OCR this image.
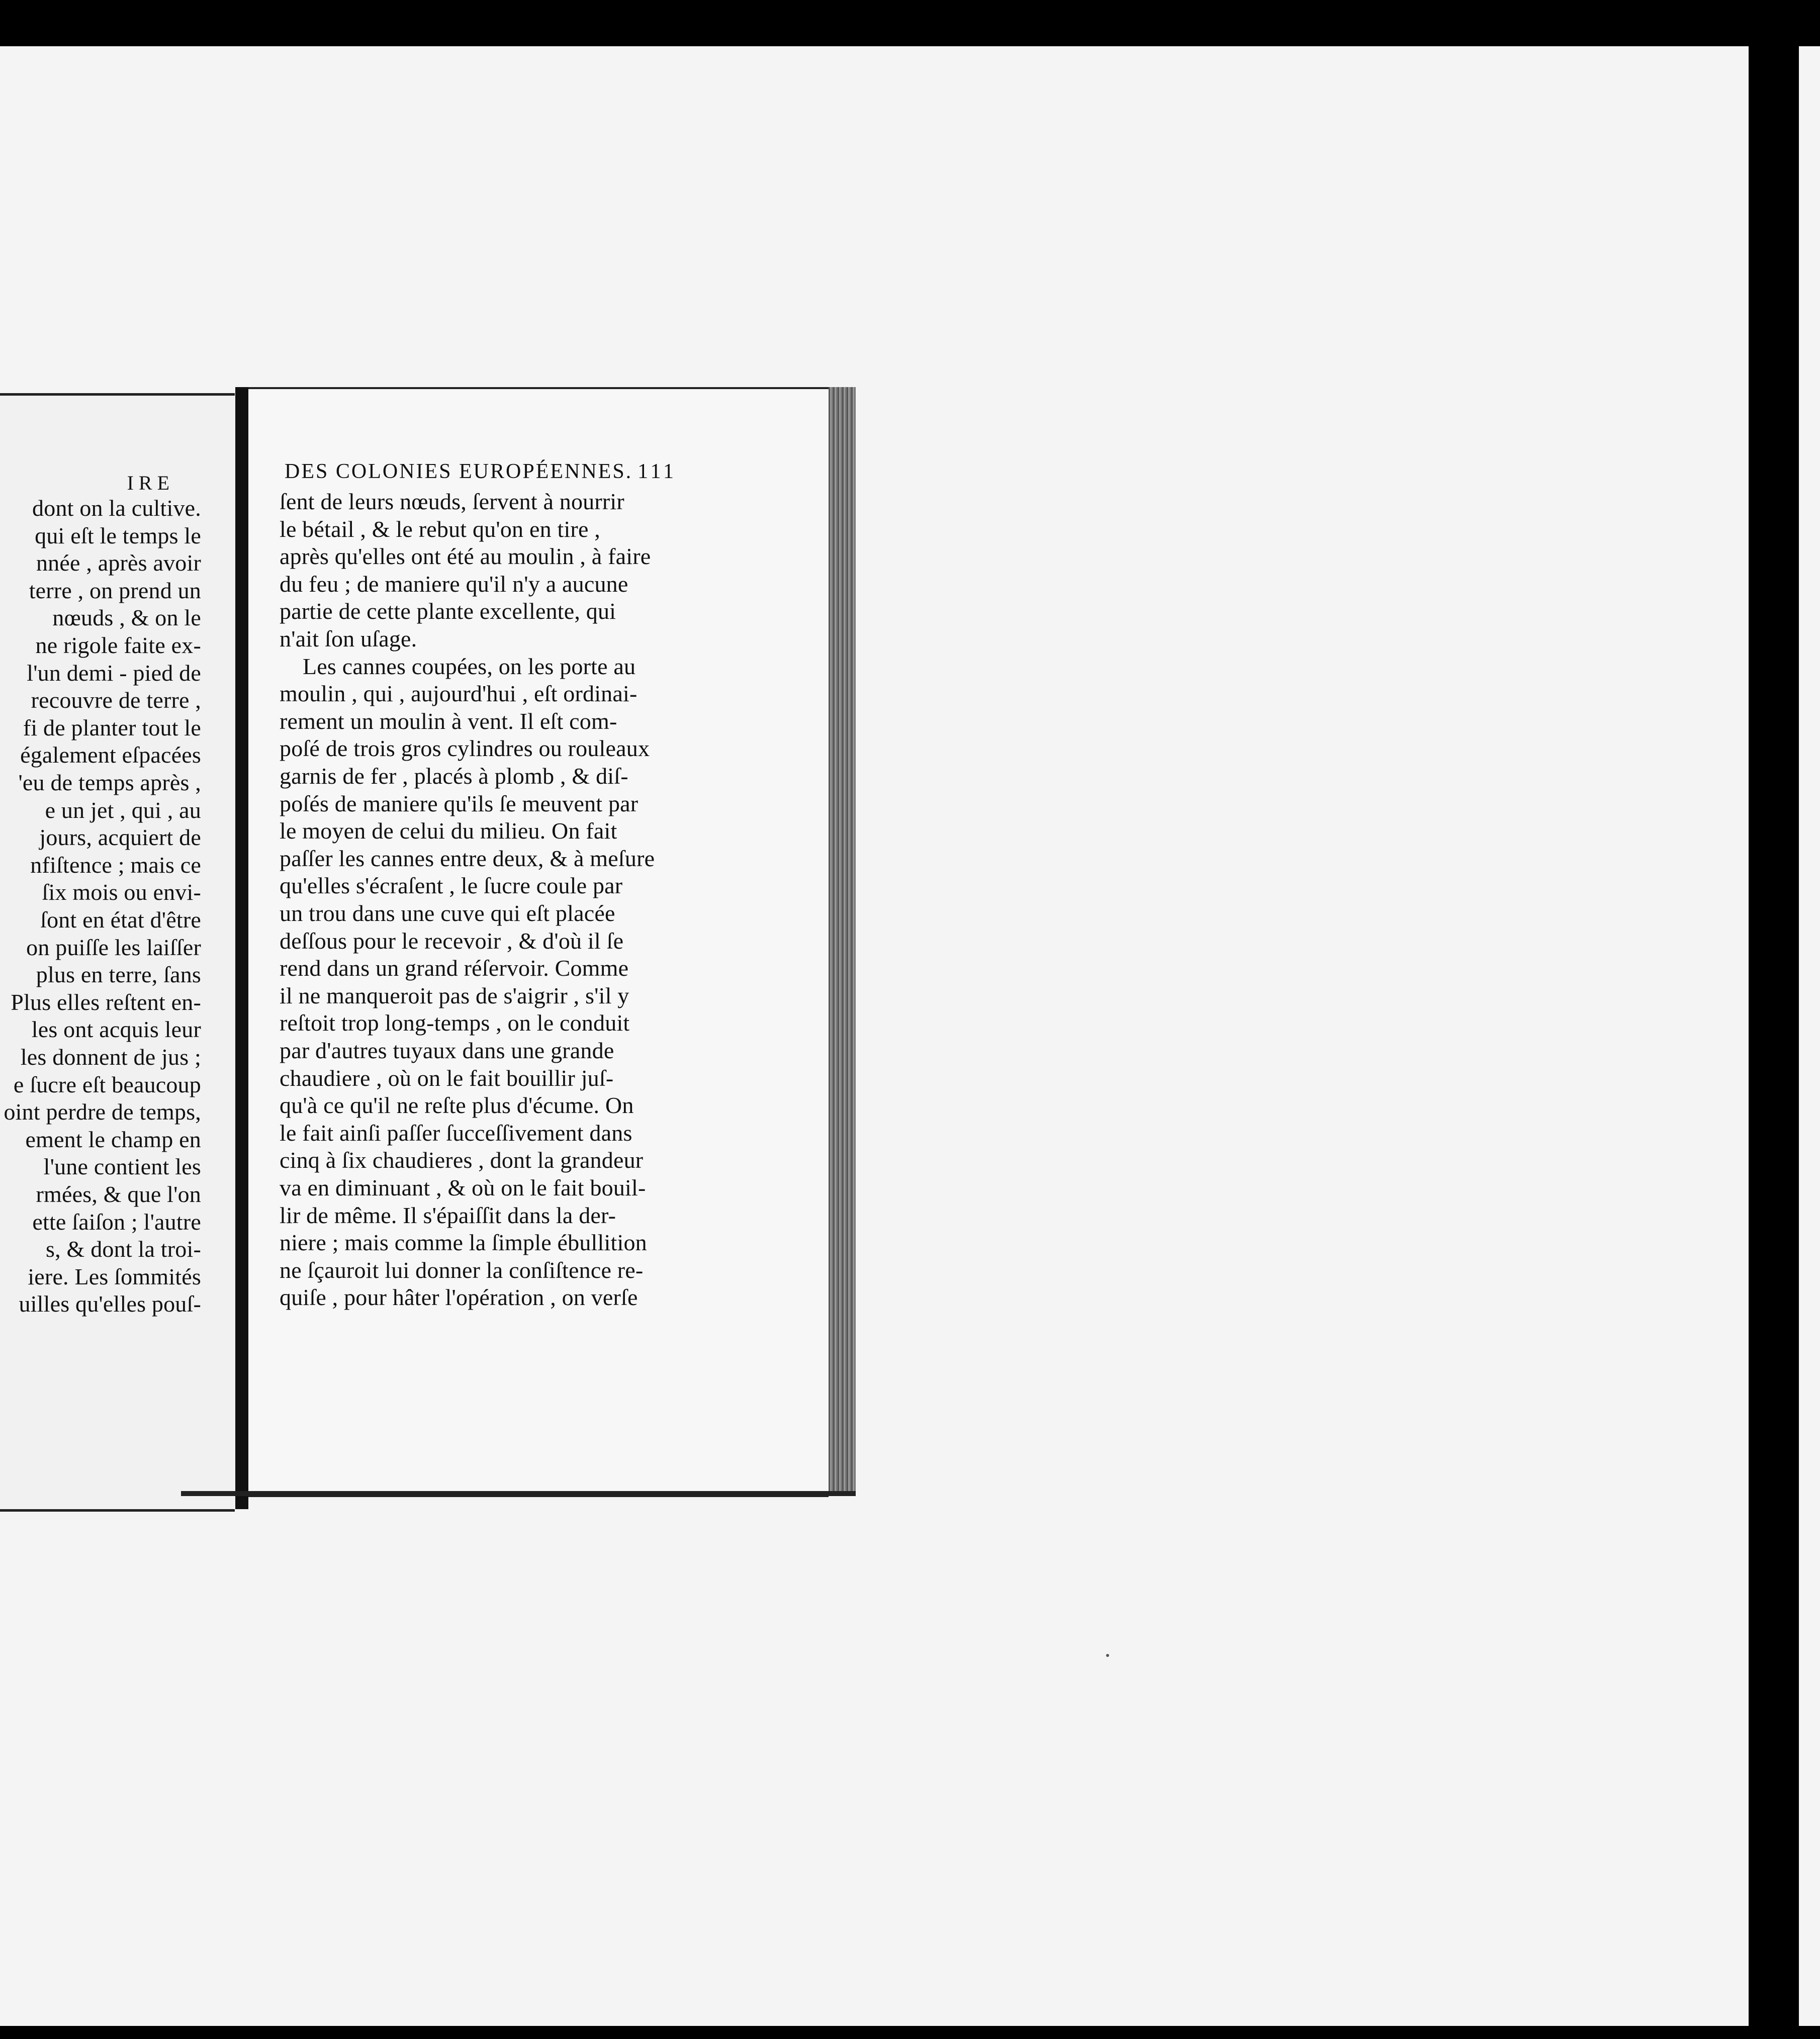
IRE
dont on la cultive.
qui eſt le temps le
nnée , après avoir
terre , on prend un
nœuds , & on le
ne rigole faite ex-
l'un demi - pied de
recouvre de terre ,
fi de planter tout le
également eſpacées
'eu de temps après ,
e un jet , qui , au
jours, acquiert de
nfiſtence ; mais ce
ſix mois ou envi-
ſont en état d'être
on puiſſe les laiſſer
plus en terre, ſans
Plus elles reſtent en-
les ont acquis leur
les donnent de jus ;
e ſucre eſt beaucoup
oint perdre de temps,
ement le champ en
l'une contient les
rmées, & que l'on
ette ſaiſon ; l'autre
s, & dont la troi-
iere. Les ſommités
uilles qu'elles pouſ-
DES COLONIES EUROPÉENNES. 111
ſent de leurs nœuds, ſervent à nourrir
le bétail , & le rebut qu'on en tire ,
après qu'elles ont été au moulin , à faire
du feu ; de maniere qu'il n'y a aucune
partie de cette plante excellente, qui
n'ait ſon uſage.
Les cannes coupées, on les porte au
moulin , qui , aujourd'hui , eſt ordinai-
rement un moulin à vent. Il eſt com-
poſé de trois gros cylindres ou rouleaux
garnis de fer , placés à plomb , & diſ-
poſés de maniere qu'ils ſe meuvent par
le moyen de celui du milieu. On fait
paſſer les cannes entre deux, & à meſure
qu'elles s'écraſent , le ſucre coule par
un trou dans une cuve qui eſt placée
deſſous pour le recevoir , & d'où il ſe
rend dans un grand réſervoir. Comme
il ne manqueroit pas de s'aigrir , s'il y
reſtoit trop long-temps , on le conduit
par d'autres tuyaux dans une grande
chaudiere , où on le fait bouillir juſ-
qu'à ce qu'il ne reſte plus d'écume. On
le fait ainſi paſſer ſucceſſivement dans
cinq à ſix chaudieres , dont la grandeur
va en diminuant , & où on le fait bouil-
lir de même. Il s'épaiſſit dans la der-
niere ; mais comme la ſimple ébullition
ne ſçauroit lui donner la conſiſtence re-
quiſe , pour hâter l'opération , on verſe
